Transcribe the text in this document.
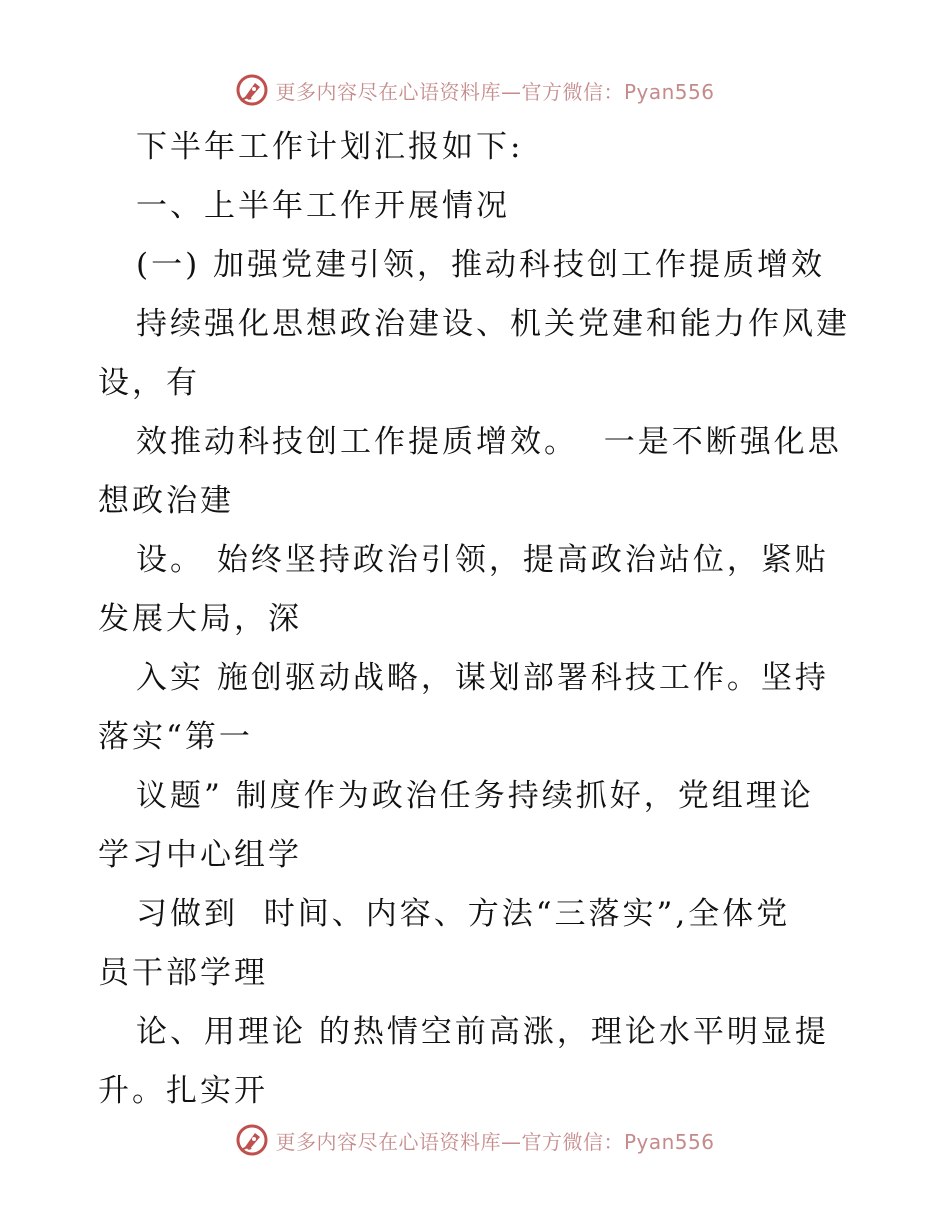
更多内容尽在心语资料库—官方微信：Pyan556
下半年工作计划汇报如下:
一、上半年工作开展情况
(一) 加强党建引领，推动科技创工作提质增效
持续强化思想政治建设、机关党建和能力作风建
设，有
效推动科技创工作提质增效。  一是不断强化思
想政治建
设。 始终坚持政治引领，提高政治站位，紧贴
发展大局，深
入实 施创驱动战略，谋划部署科技工作。坚持
落实“第一
议题” 制度作为政治任务持续抓好，党组理论
学习中心组学
习做到  时间、内容、方法“三落实”,全体党
员干部学理
论、用理论 的热情空前高涨，理论水平明显提
升。扎实开
更多内容尽在心语资料库—官方微信：Pyan556
